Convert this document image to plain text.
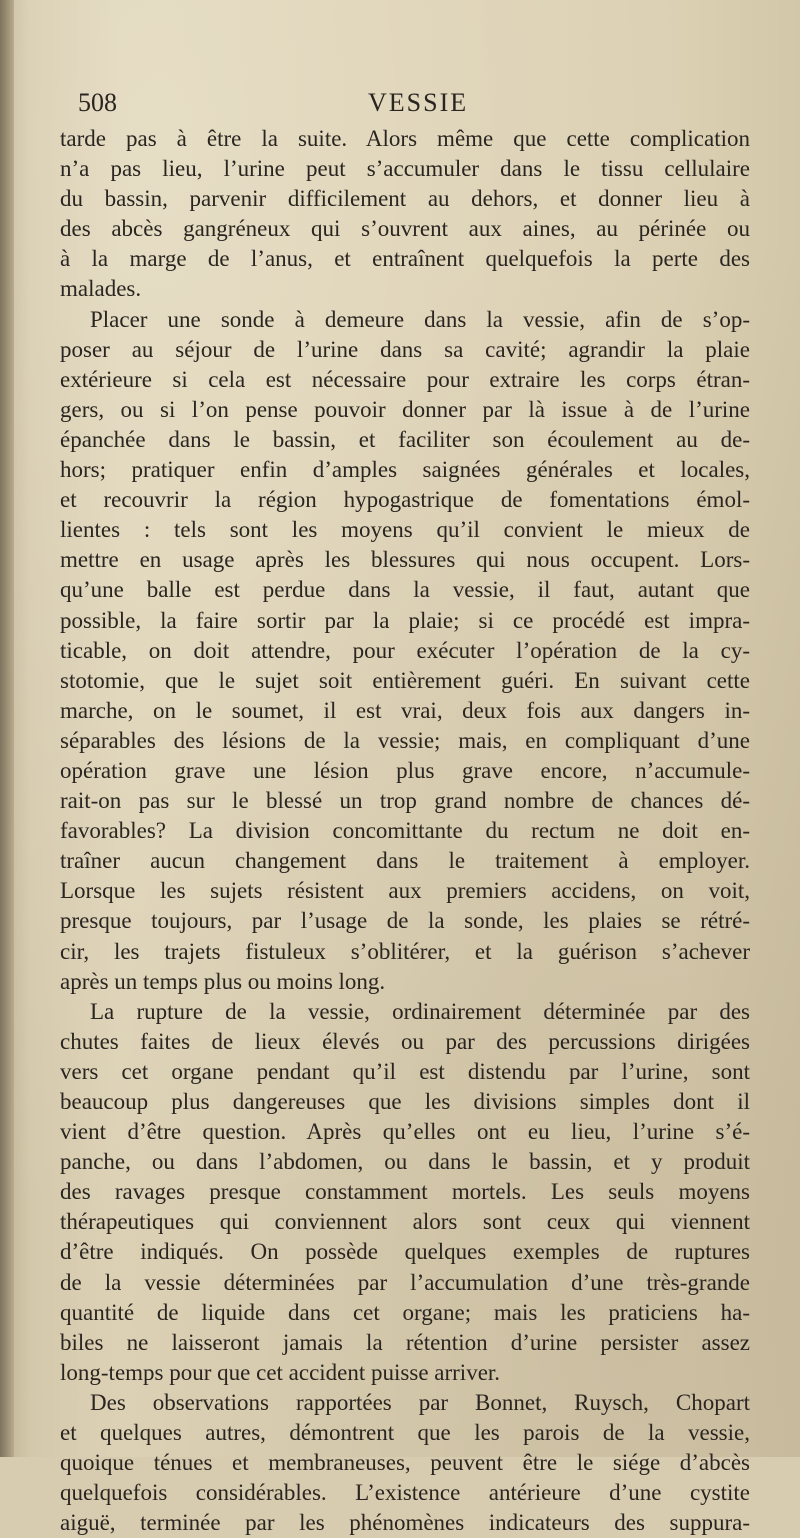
508	VESSIE
tarde pas à être la suite. Alors même que cette complication
n’a pas lieu, l’urine peut s’accumuler dans le tissu cellulaire
du bassin, parvenir difficilement au dehors, et donner lieu à
des abcès gangréneux qui s’ouvrent aux aines, au périnée ou
à la marge de l’anus, et entraînent quelquefois la perte des
malades.
Placer une sonde à demeure dans la vessie, afin de s’op-
poser au séjour de l’urine dans sa cavité; agrandir la plaie
extérieure si cela est nécessaire pour extraire les corps étran-
gers, ou si l’on pense pouvoir donner par là issue à de l’urine
épanchée dans le bassin, et faciliter son écoulement au de-
hors; pratiquer enfin d’amples saignées générales et locales,
et recouvrir la région hypogastrique de fomentations émol-
lientes : tels sont les moyens qu’il convient le mieux de
mettre en usage après les blessures qui nous occupent. Lors-
qu’une balle est perdue dans la vessie, il faut, autant que
possible, la faire sortir par la plaie; si ce procédé est impra-
ticable, on doit attendre, pour exécuter l’opération de la cy-
stotomie, que le sujet soit entièrement guéri. En suivant cette
marche, on le soumet, il est vrai, deux fois aux dangers in-
séparables des lésions de la vessie; mais, en compliquant d’une
opération grave une lésion plus grave encore, n’accumule-
rait-on pas sur le blessé un trop grand nombre de chances dé-
favorables? La division concomittante du rectum ne doit en-
traîner aucun changement dans le traitement à employer.
Lorsque les sujets résistent aux premiers accidens, on voit,
presque toujours, par l’usage de la sonde, les plaies se rétré-
cir, les trajets fistuleux s’oblitérer, et la guérison s’achever
après un temps plus ou moins long.
La rupture de la vessie, ordinairement déterminée par des
chutes faites de lieux élevés ou par des percussions dirigées
vers cet organe pendant qu’il est distendu par l’urine, sont
beaucoup plus dangereuses que les divisions simples dont il
vient d’être question. Après qu’elles ont eu lieu, l’urine s’é-
panche, ou dans l’abdomen, ou dans le bassin, et y produit
des ravages presque constamment mortels. Les seuls moyens
thérapeutiques qui conviennent alors sont ceux qui viennent
d’être indiqués. On possède quelques exemples de ruptures
de la vessie déterminées par l’accumulation d’une très-grande
quantité de liquide dans cet organe; mais les praticiens ha-
biles ne laisseront jamais la rétention d’urine persister assez
long-temps pour que cet accident puisse arriver.
Des observations rapportées par Bonnet, Ruysch, Chopart
et quelques autres, démontrent que les parois de la vessie,
quoique ténues et membraneuses, peuvent être le siége d’abcès
quelquefois considérables. L’existence antérieure d’une cystite
aiguë, terminée par les phénomènes indicateurs des suppura-
